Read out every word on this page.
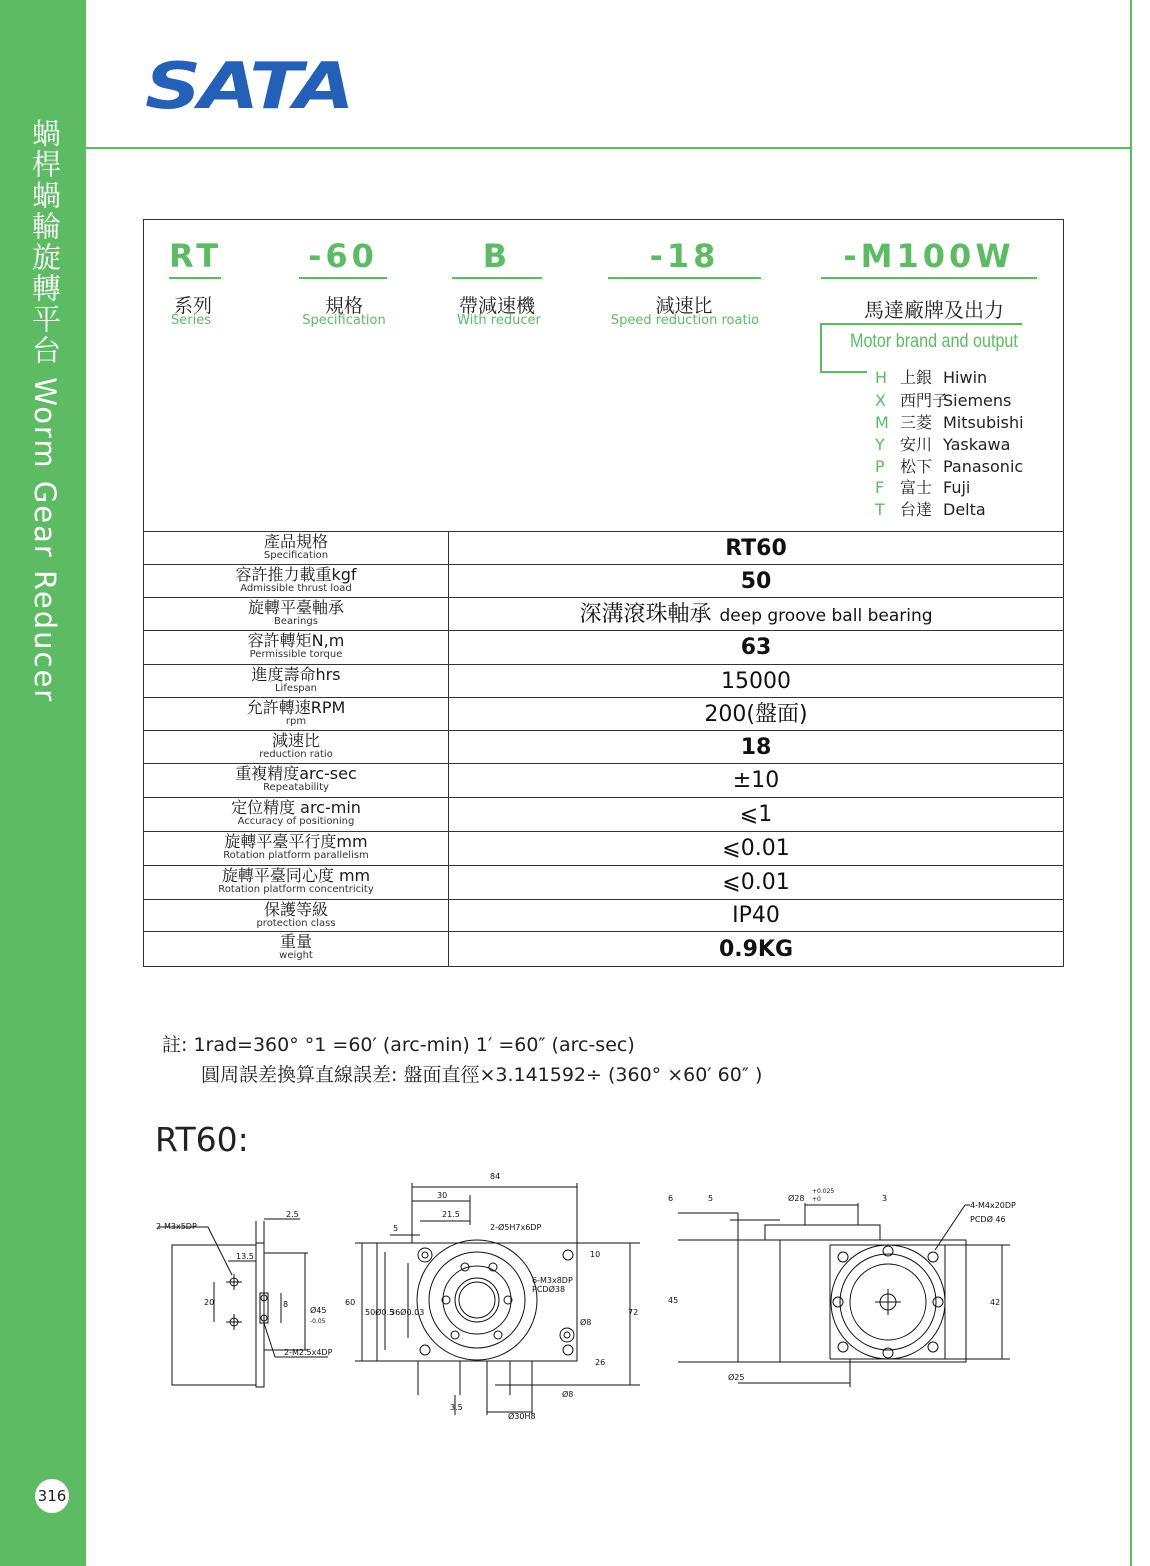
蝸桿蝸輪旋轉平台 Worm Gear Reducer
316
SATA
RT
系列
Series
-60
規格
Specification
B
帶減速機
With reducer
-18
減速比
Speed reduction roatio
-M100W
馬達廠牌及出力
Motor brand and output
H 上銀 Hiwin
X 西門子Siemens
M 三菱 Mitsubishi
Y 安川 Yaskawa
P 松下 Panasonic
F 富士 Fuji
T 台達 Delta
產品規格
Specification	RT60
容許推力載重kgf
Admissible thrust load	50
旋轉平臺軸承
Bearings	深溝滾珠軸承 deep groove ball bearing
容許轉矩N,m
Permissible torque	63
進度壽命hrs
Lifespan	15000
允許轉速RPM
rpm	200(盤面)
減速比
reduction ratio	18
重複精度arc-sec
Repeatability	±10
定位精度 arc-min
Accuracy of positioning	⩽1
旋轉平臺平行度mm
Rotation platform parallelism	⩽0.01
旋轉平臺同心度 mm
Rotation platform concentricity	⩽0.01
保護等級
protection class	IP40
重量
weight	0.9KG
註: 1rad=360° °1 =60′ (arc-min) 1′ =60″ (arc-sec)
圓周誤差換算直線誤差: 盤面直徑×3.141592÷ (360° ×60′ 60″ )
RT60:
2-M3x5DP
2.5
13.5
20	8
Ø45
-0.05
2-M2.5x4DP
84
30
21.5
5	2-Ø5H7x6DP
6-M3x8DP
PCDØ38
10
60
50Ø0.5
36Ø0.03	72
Ø8
26
3.5
Ø8
Ø30H8
6	5	Ø28
+0.025
+0	3
4-M4x20DP
PCDØ 46
45	42
Ø25
